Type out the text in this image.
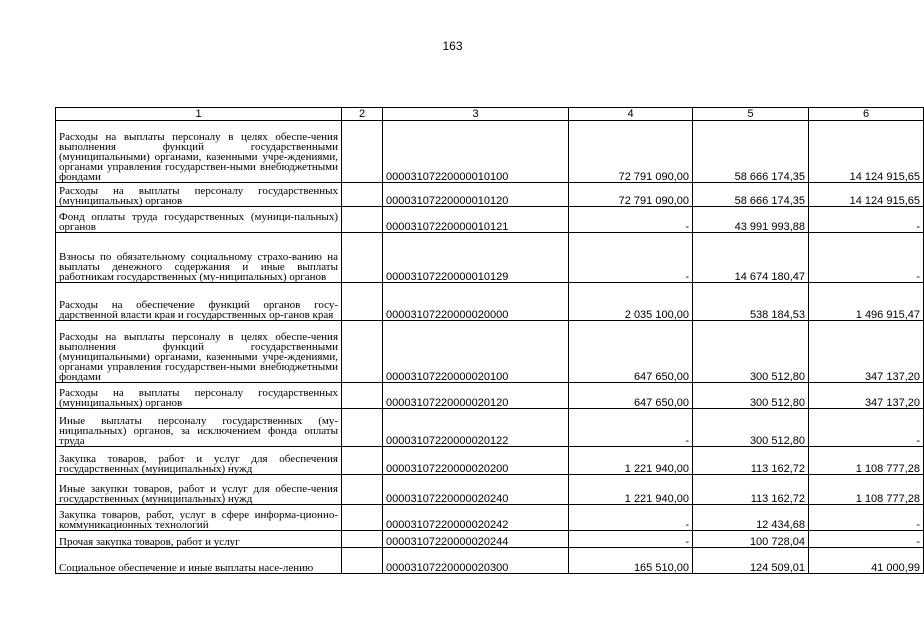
163
1	2	3	4	5	6
Расходы на выплаты персоналу в целях обеспе-чения выполнения функций государственными (муниципальными) органами, казенными учре-ждениями, органами управления государствен-ными внебюджетными фондами		00003107220000010100	72 791 090,00	58 666 174,35	14 124 915,65
Расходы на выплаты персоналу государственных (муниципальных) органов		00003107220000010120	72 791 090,00	58 666 174,35	14 124 915,65
Фонд оплаты труда государственных (муници-пальных) органов		00003107220000010121	-	43 991 993,88	-
Взносы по обязательному социальному страхо-ванию на выплаты денежного содержания и иные выплаты работникам государственных (му-ниципальных) органов		00003107220000010129	-	14 674 180,47	-
Расходы на обеспечение функций органов госу-дарственной власти края и государственных ор-ганов края		00003107220000020000	2 035 100,00	538 184,53	1 496 915,47
Расходы на выплаты персоналу в целях обеспе-чения выполнения функций государственными (муниципальными) органами, казенными учре-ждениями, органами управления государствен-ными внебюджетными фондами		00003107220000020100	647 650,00	300 512,80	347 137,20
Расходы на выплаты персоналу государственных (муниципальных) органов		00003107220000020120	647 650,00	300 512,80	347 137,20
Иные выплаты персоналу государственных (му-ниципальных) органов, за исключением фонда оплаты труда		00003107220000020122	-	300 512,80	-
Закупка товаров, работ и услуг для обеспечения государственных (муниципальных) нужд		00003107220000020200	1 221 940,00	113 162,72	1 108 777,28
Иные закупки товаров, работ и услуг для обеспе-чения государственных (муниципальных) нужд		00003107220000020240	1 221 940,00	113 162,72	1 108 777,28
Закупка товаров, работ, услуг в сфере информа-ционно-коммуникационных технологий		00003107220000020242	-	12 434,68	-
Прочая закупка товаров, работ и услуг		00003107220000020244	-	100 728,04	-
Социальное обеспечение и иные выплаты насе-лению		00003107220000020300	165 510,00	124 509,01	41 000,99
